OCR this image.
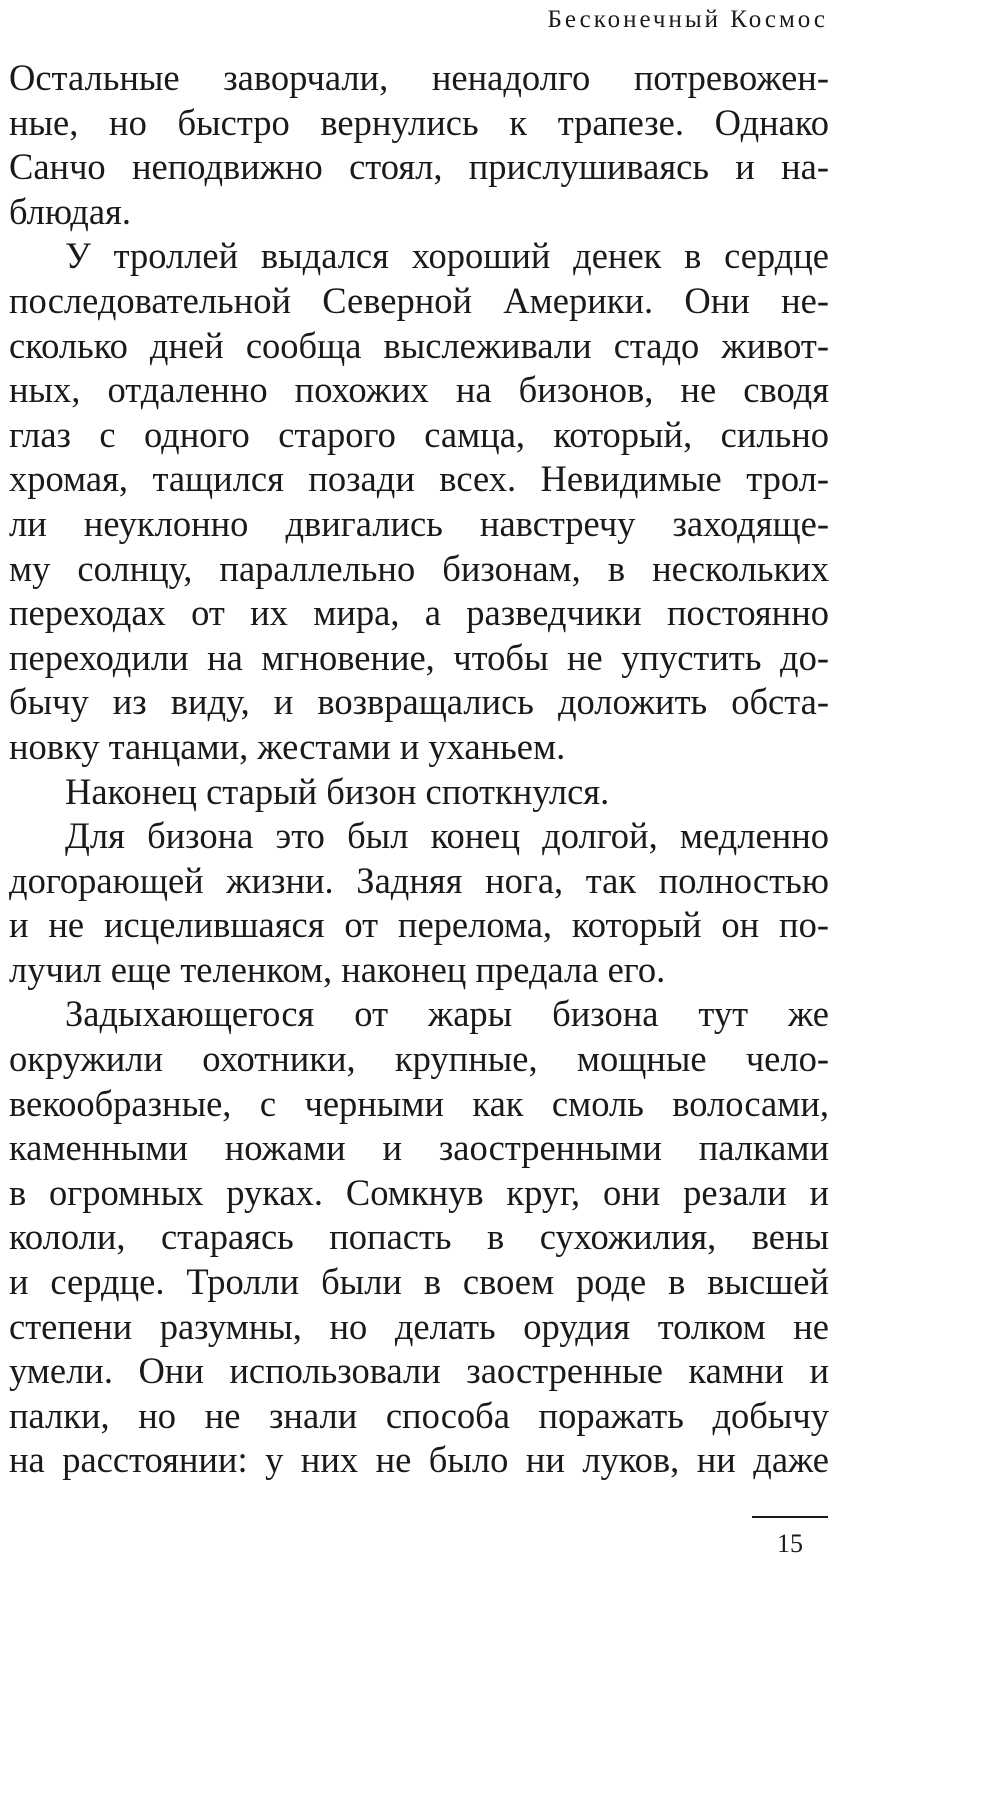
Бесконечный Космос
Остальные заворчали, ненадолго потревожен-
ные, но быстро вернулись к трапезе. Однако
Санчо неподвижно стоял, прислушиваясь и на-
блюдая.
У троллей выдался хороший денек в сердце
последовательной Северной Америки. Они не-
сколько дней сообща выслеживали стадо живот-
ных, отдаленно похожих на бизонов, не сводя
глаз с одного старого самца, который, сильно
хромая, тащился позади всех. Невидимые трол-
ли неуклонно двигались навстречу заходяще-
му солнцу, параллельно бизонам, в нескольких
переходах от их мира, а разведчики постоянно
переходили на мгновение, чтобы не упустить до-
бычу из виду, и возвращались доложить обста-
новку танцами, жестами и уханьем.
Наконец старый бизон споткнулся.
Для бизона это был конец долгой, медленно
догорающей жизни. Задняя нога, так полностью
и не исцелившаяся от перелома, который он по-
лучил еще теленком, наконец предала его.
Задыхающегося от жары бизона тут же
окружили охотники, крупные, мощные чело-
векообразные, с черными как смоль волосами,
каменными ножами и заостренными палками
в огромных руках. Сомкнув круг, они резали и
кололи, стараясь попасть в сухожилия, вены
и сердце. Тролли были в своем роде в высшей
степени разумны, но делать орудия толком не
умели. Они использовали заостренные камни и
палки, но не знали способа поражать добычу
на расстоянии: у них не было ни луков, ни даже
15
